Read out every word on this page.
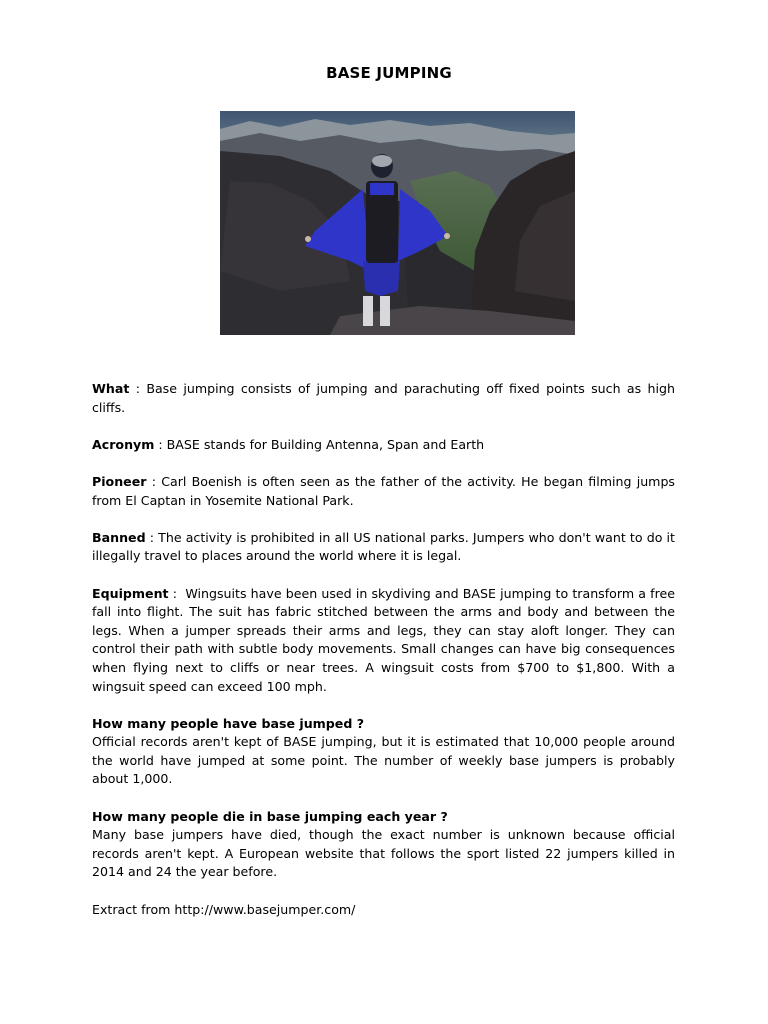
BASE JUMPING

What : Base jumping consists of jumping and parachuting off fixed points such as high cliffs.

Acronym : BASE stands for Building Antenna, Span and Earth

Pioneer : Carl Boenish is often seen as the father of the activity. He began filming jumps from El Captan in Yosemite National Park.

Banned : The activity is prohibited in all US national parks. Jumpers who don't want to do it illegally travel to places around the world where it is legal.

Equipment :  Wingsuits have been used in skydiving and BASE jumping to transform a free fall into flight. The suit has fabric stitched between the arms and body and between the legs. When a jumper spreads their arms and legs, they can stay aloft longer. They can control their path with subtle body movements. Small changes can have big consequences when flying next to cliffs or near trees. A wingsuit costs from $700 to $1,800. With a wingsuit speed can exceed 100 mph.

How many people have base jumped ?
Official records aren't kept of BASE jumping, but it is estimated that 10,000 people around the world have jumped at some point. The number of weekly base jumpers is probably about 1,000.

How many people die in base jumping each year ?
Many base jumpers have died, though the exact number is unknown because official records aren't kept. A European website that follows the sport listed 22 jumpers killed in 2014 and 24 the year before.

Extract from http://www.basejumper.com/
